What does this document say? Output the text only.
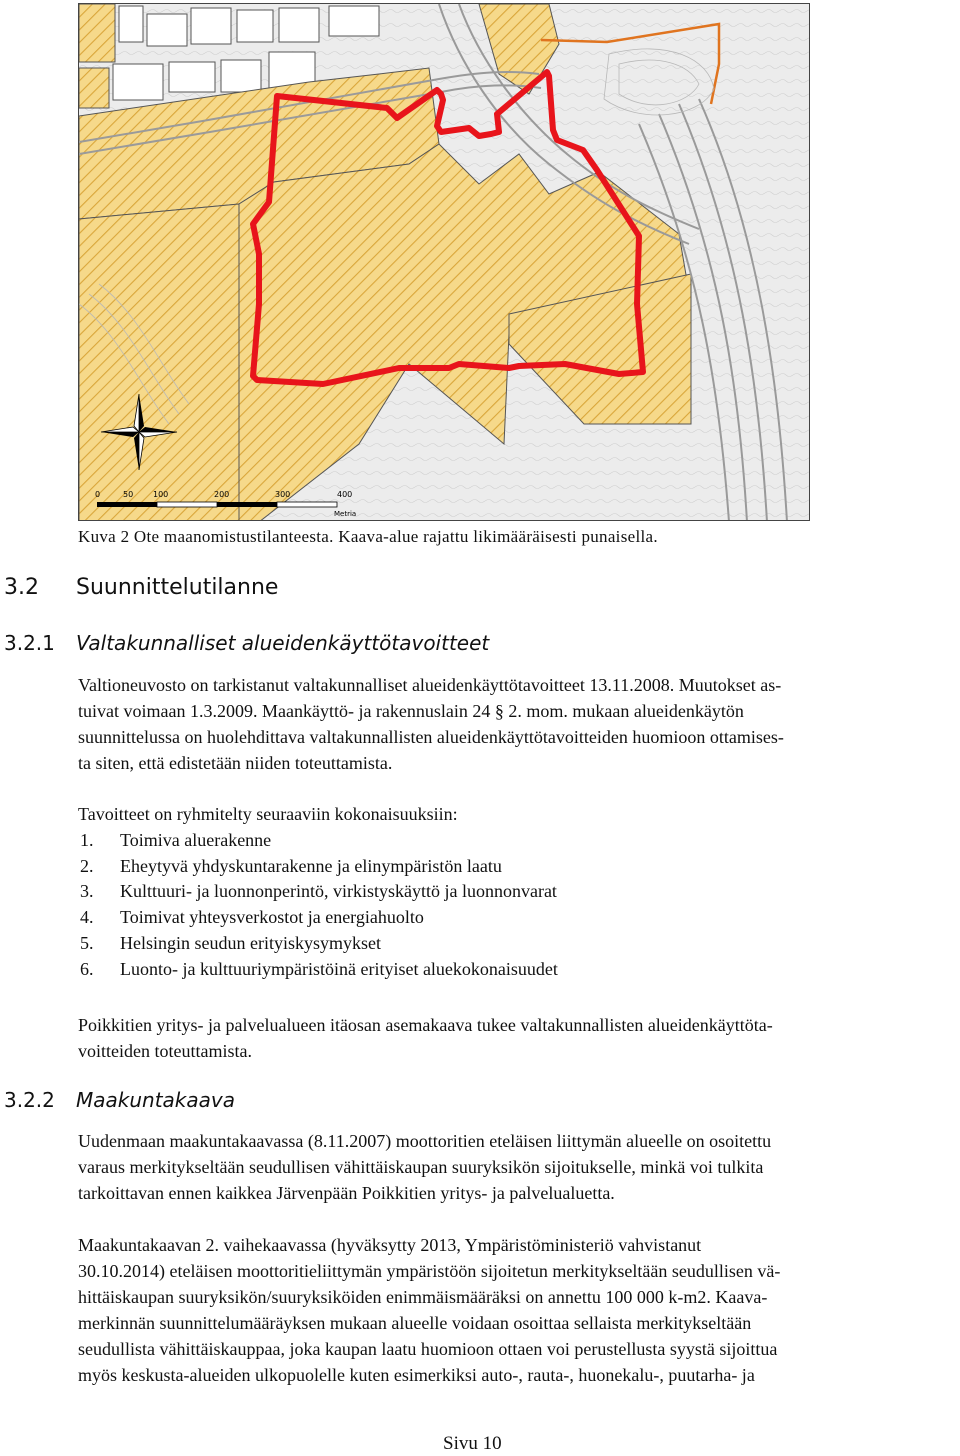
0	50 100	200	300	400
Metria
Kuva 2 Ote maanomistustilanteesta. Kaava-alue rajattu likimääräisesti punaisella.
3.2 Suunnittelutilanne
3.2.1 Valtakunnalliset alueidenkäyttötavoitteet
Valtioneuvosto on tarkistanut valtakunnalliset alueidenkäyttötavoitteet 13.11.2008. Muutokset as-
tuivat voimaan 1.3.2009. Maankäyttö- ja rakennuslain 24 § 2. mom. mukaan alueidenkäytön
suunnittelussa on huolehdittava valtakunnallisten alueidenkäyttötavoitteiden huomioon ottamises-
ta siten, että edistetään niiden toteuttamista.
Tavoitteet on ryhmitelty seuraaviin kokonaisuuksiin:
1. Toimiva aluerakenne
2. Eheytyvä yhdyskuntarakenne ja elinympäristön laatu
3. Kulttuuri- ja luonnonperintö, virkistyskäyttö ja luonnonvarat
4. Toimivat yhteysverkostot ja energiahuolto
5. Helsingin seudun erityiskysymykset
6. Luonto- ja kulttuuriympäristöinä erityiset aluekokonaisuudet
Poikkitien yritys- ja palvelualueen itäosan asemakaava tukee valtakunnallisten alueidenkäyttöta-
voitteiden toteuttamista.
3.2.2 Maakuntakaava
Uudenmaan maakuntakaavassa (8.11.2007) moottoritien eteläisen liittymän alueelle on osoitettu
varaus merkitykseltään seudullisen vähittäiskaupan suuryksikön sijoitukselle, minkä voi tulkita
tarkoittavan ennen kaikkea Järvenpään Poikkitien yritys- ja palvelualuetta.
Maakuntakaavan 2. vaihekaavassa (hyväksytty 2013, Ympäristöministeriö vahvistanut
30.10.2014) eteläisen moottoritieliittymän ympäristöön sijoitetun merkitykseltään seudullisen vä-
hittäiskaupan suuryksikön/suuryksiköiden enimmäismääräksi on annettu 100 000 k-m2. Kaava-
merkinnän suunnittelumääräyksen mukaan alueelle voidaan osoittaa sellaista merkitykseltään
seudullista vähittäiskauppaa, joka kaupan laatu huomioon ottaen voi perustellusta syystä sijoittua
myös keskusta-alueiden ulkopuolelle kuten esimerkiksi auto-, rauta-, huonekalu-, puutarha- ja
Sivu 10
